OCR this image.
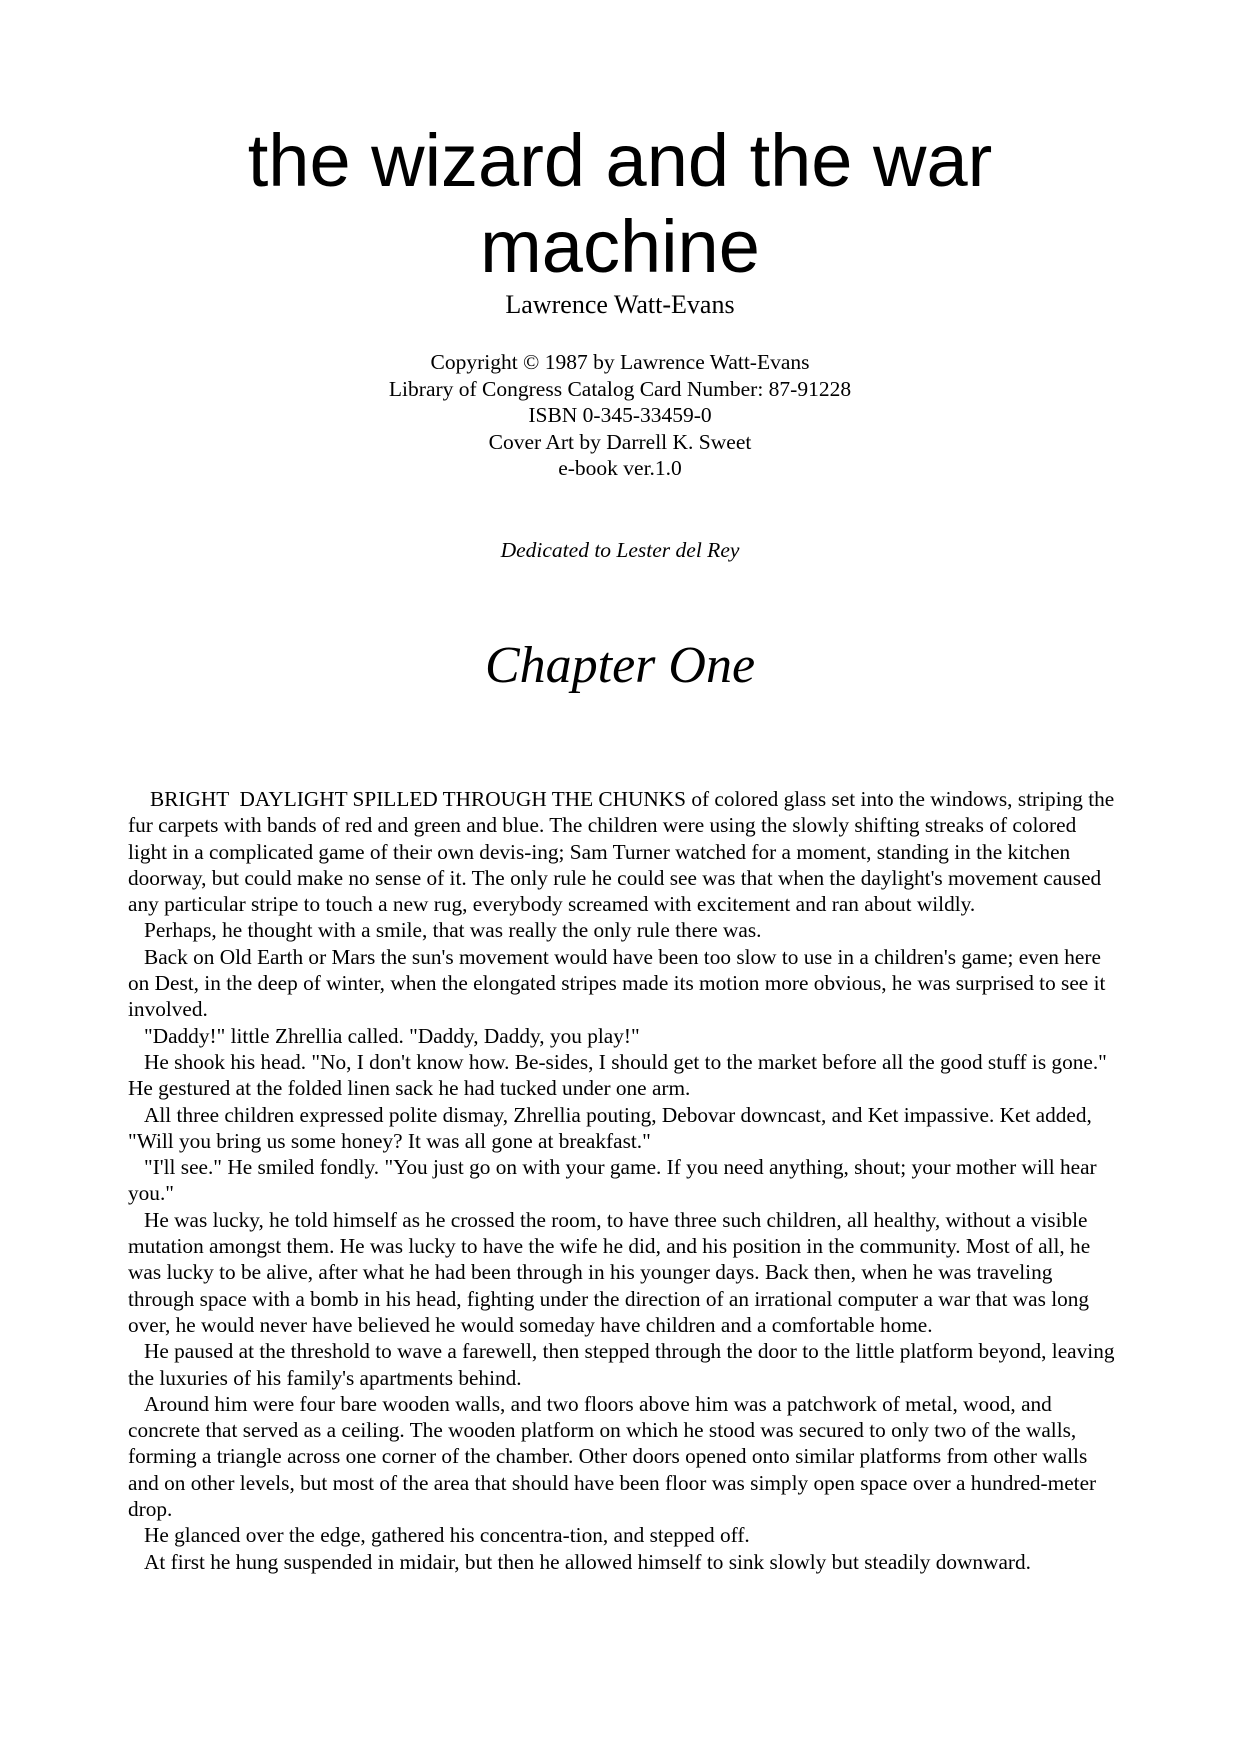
the wizard and the war machine
Lawrence Watt-Evans
Copyright © 1987 by Lawrence Watt-Evans
Library of Congress Catalog Card Number: 87-91228
ISBN 0-345-33459-0
Cover Art by Darrell K. Sweet
e-book ver.1.0
Dedicated to Lester del Rey
Chapter One

BRIGHT  DAYLIGHT SPILLED THROUGH THE CHUNKS of colored glass set into the windows, striping the fur carpets with bands of red and green and blue. The children were using the slowly shifting streaks of colored light in a complicated game of their own devis-ing; Sam Turner watched for a moment, standing in the kitchen doorway, but could make no sense of it. The only rule he could see was that when the daylight's movement caused any particular stripe to touch a new rug, everybody screamed with excitement and ran about wildly.

Perhaps, he thought with a smile, that was really the only rule there was.

Back on Old Earth or Mars the sun's movement would have been too slow to use in a children's game; even here on Dest, in the deep of winter, when the elongated stripes made its motion more obvious, he was surprised to see it involved.

"Daddy!" little Zhrellia called. "Daddy, Daddy, you play!"

He shook his head. "No, I don't know how. Be-sides, I should get to the market before all the good stuff is gone." He gestured at the folded linen sack he had tucked under one arm.

All three children expressed polite dismay, Zhrellia pouting, Debovar downcast, and Ket impassive. Ket added, "Will you bring us some honey? It was all gone at breakfast."

"I'll see." He smiled fondly. "You just go on with your game. If you need anything, shout; your mother will hear you."

He was lucky, he told himself as he crossed the room, to have three such children, all healthy, without a visible mutation amongst them. He was lucky to have the wife he did, and his position in the community. Most of all, he was lucky to be alive, after what he had been through in his younger days. Back then, when he was traveling through space with a bomb in his head, fighting under the direction of an irrational computer a war that was long over, he would never have believed he would someday have children and a comfortable home.

He paused at the threshold to wave a farewell, then stepped through the door to the little platform beyond, leaving the luxuries of his family's apartments behind.

Around him were four bare wooden walls, and two floors above him was a patchwork of metal, wood, and concrete that served as a ceiling. The wooden platform on which he stood was secured to only two of the walls, forming a triangle across one corner of the chamber. Other doors opened onto similar platforms from other walls and on other levels, but most of the area that should have been floor was simply open space over a hundred-meter drop.

He glanced over the edge, gathered his concentra-tion, and stepped off.

At first he hung suspended in midair, but then he allowed himself to sink slowly but steadily downward.
